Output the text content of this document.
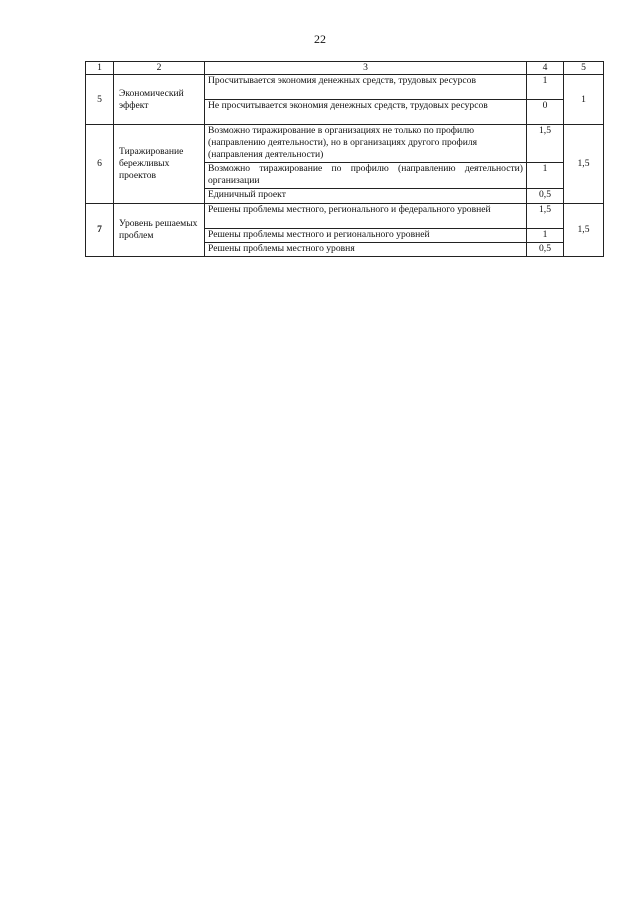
22
1	2	3	4	5
5	Экономический эффект	Просчитывается экономия денежных средств, трудовых ресурсов	1	1
		Не просчитывается экономия денежных средств, трудовых ресурсов	0	
6	Тиражирование бережливых проектов	Возможно тиражирование в организациях не только по профилю (направлению деятельности), но в организациях другого профиля (направления деятельности)	1,5	1,5
		Возможно тиражирование по профилю (направлению деятельности) организации	1	
		Единичный проект	0,5	
7	Уровень решаемых проблем	Решены проблемы местного, регионального и федерального уровней	1,5	1,5
		Решены проблемы местного и регионального уровней	1	
		Решены проблемы местного уровня	0,5	
